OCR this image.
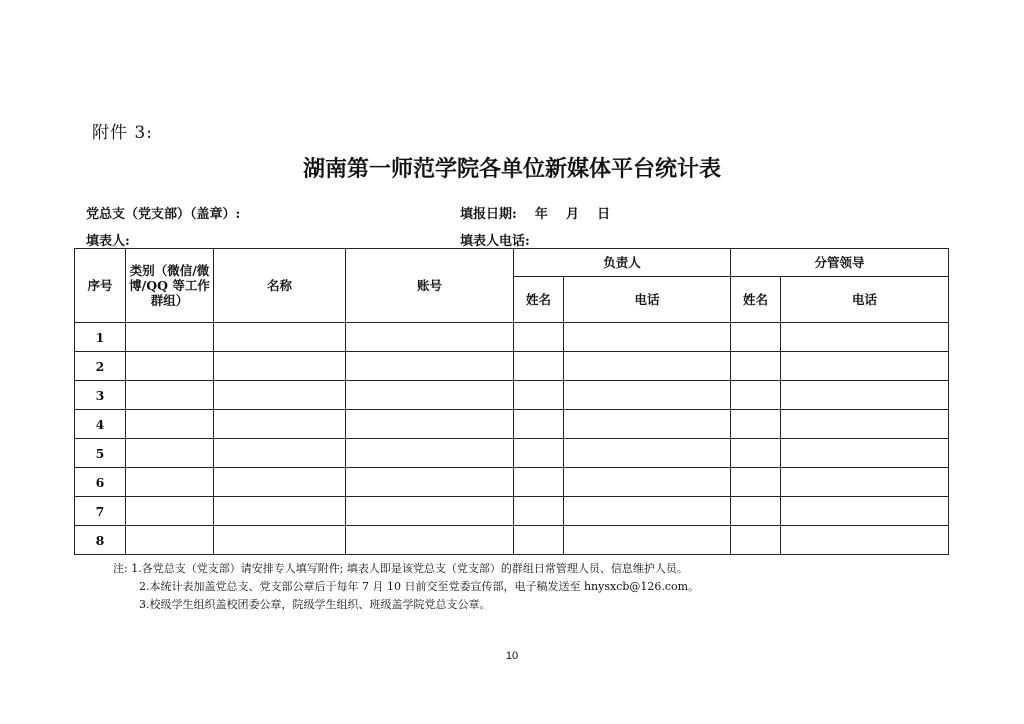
附件 3:
湖南第一师范学院各单位新媒体平台统计表
党总支（党支部）（盖章）:	填报日期:    年    月    日
填表人:	填表人电话:
序号	类别（微信/微博/QQ 等工作群组）	名称	账号	负责人		分管领导	
				姓名	电话	姓名	电话
1							
2							
3							
4							
5							
6							
7							
8							
注: 1.各党总支（党支部）请安排专人填写附件; 填表人即是该党总支（党支部）的群组日常管理人员、信息维护人员。
2.本统计表加盖党总支、党支部公章后于每年 7 月 10 日前交至党委宣传部，电子稿发送至 hnysxcb@126.com。
3.校级学生组织盖校团委公章，院级学生组织、班级盖学院党总支公章。
10
